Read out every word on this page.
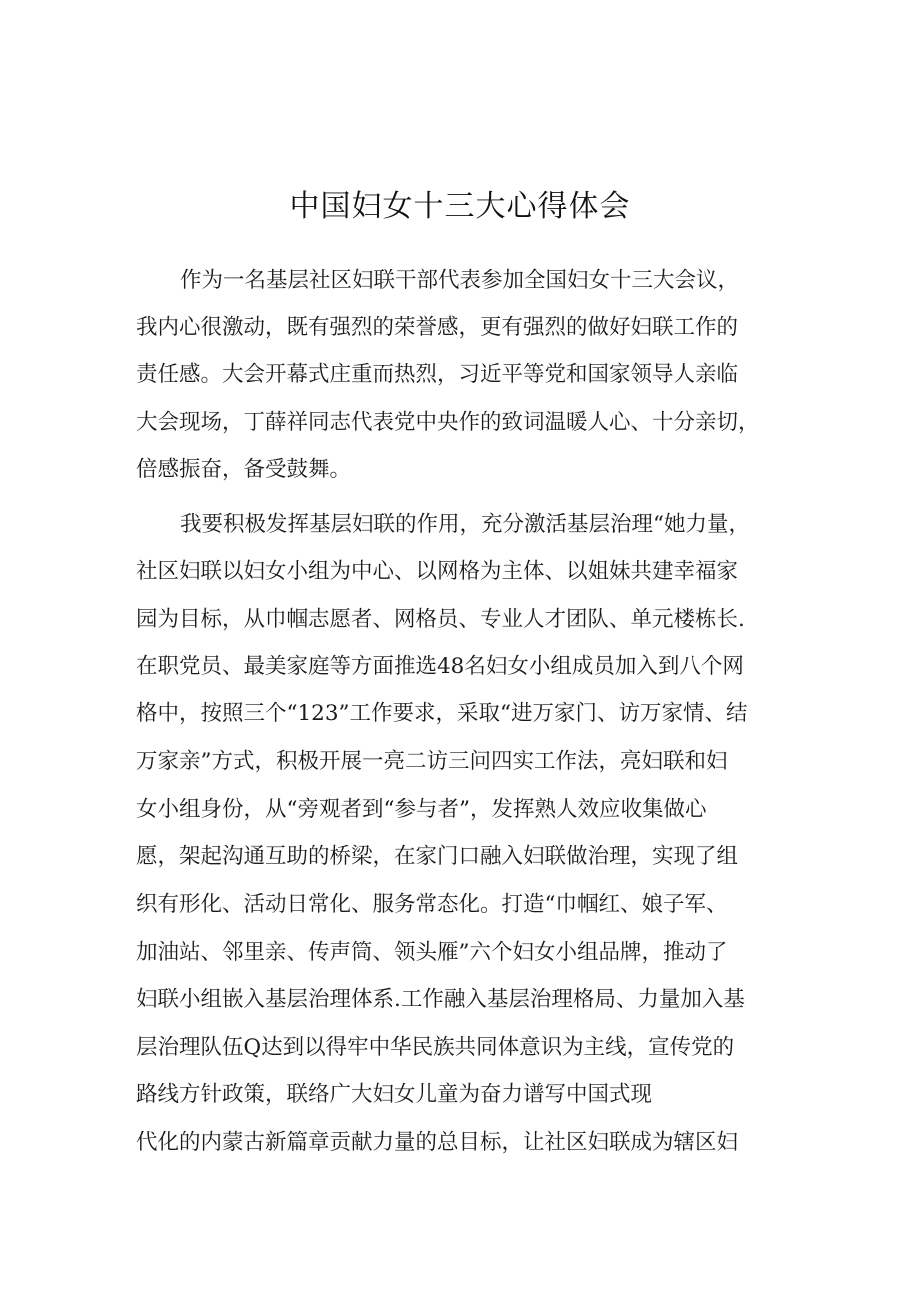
中国妇女十三大心得体会
作为一名基层社区妇联干部代表参加全国妇女十三大会议，
我内心很激动，既有强烈的荣誉感，更有强烈的做好妇联工作的
责任感。大会开幕式庄重而热烈，习近平等党和国家领导人亲临
大会现场，丁薛祥同志代表党中央作的致词温暖人心、十分亲切，
倍感振奋，备受鼓舞。
我要积极发挥基层妇联的作用，充分激活基层治理“她力量，
社区妇联以妇女小组为中心、以网格为主体、以姐妹共建幸福家
园为目标，从巾帼志愿者、网格员、专业人才团队、单元楼栋长.
在职党员、最美家庭等方面推选48名妇女小组成员加入到八个网
格中，按照三个“123”工作要求，采取“进万家门、访万家情、结
万家亲”方式，积极开展一亮二访三问四实工作法，亮妇联和妇
女小组身份，从“旁观者到“参与者”，发挥熟人效应收集做心
愿，架起沟通互助的桥梁，在家门口融入妇联做治理，实现了组
织有形化、活动日常化、服务常态化。打造“巾帼红、娘子军、
加油站、邻里亲、传声筒、领头雁”六个妇女小组品牌，推动了
妇联小组嵌入基层治理体系.工作融入基层治理格局、力量加入基
层治理队伍Q达到以得牢中华民族共同体意识为主线，宣传党的
路线方针政策，联络广大妇女儿童为奋力谱写中国式现
代化的内蒙古新篇章贡献力量的总目标，让社区妇联成为辖区妇
